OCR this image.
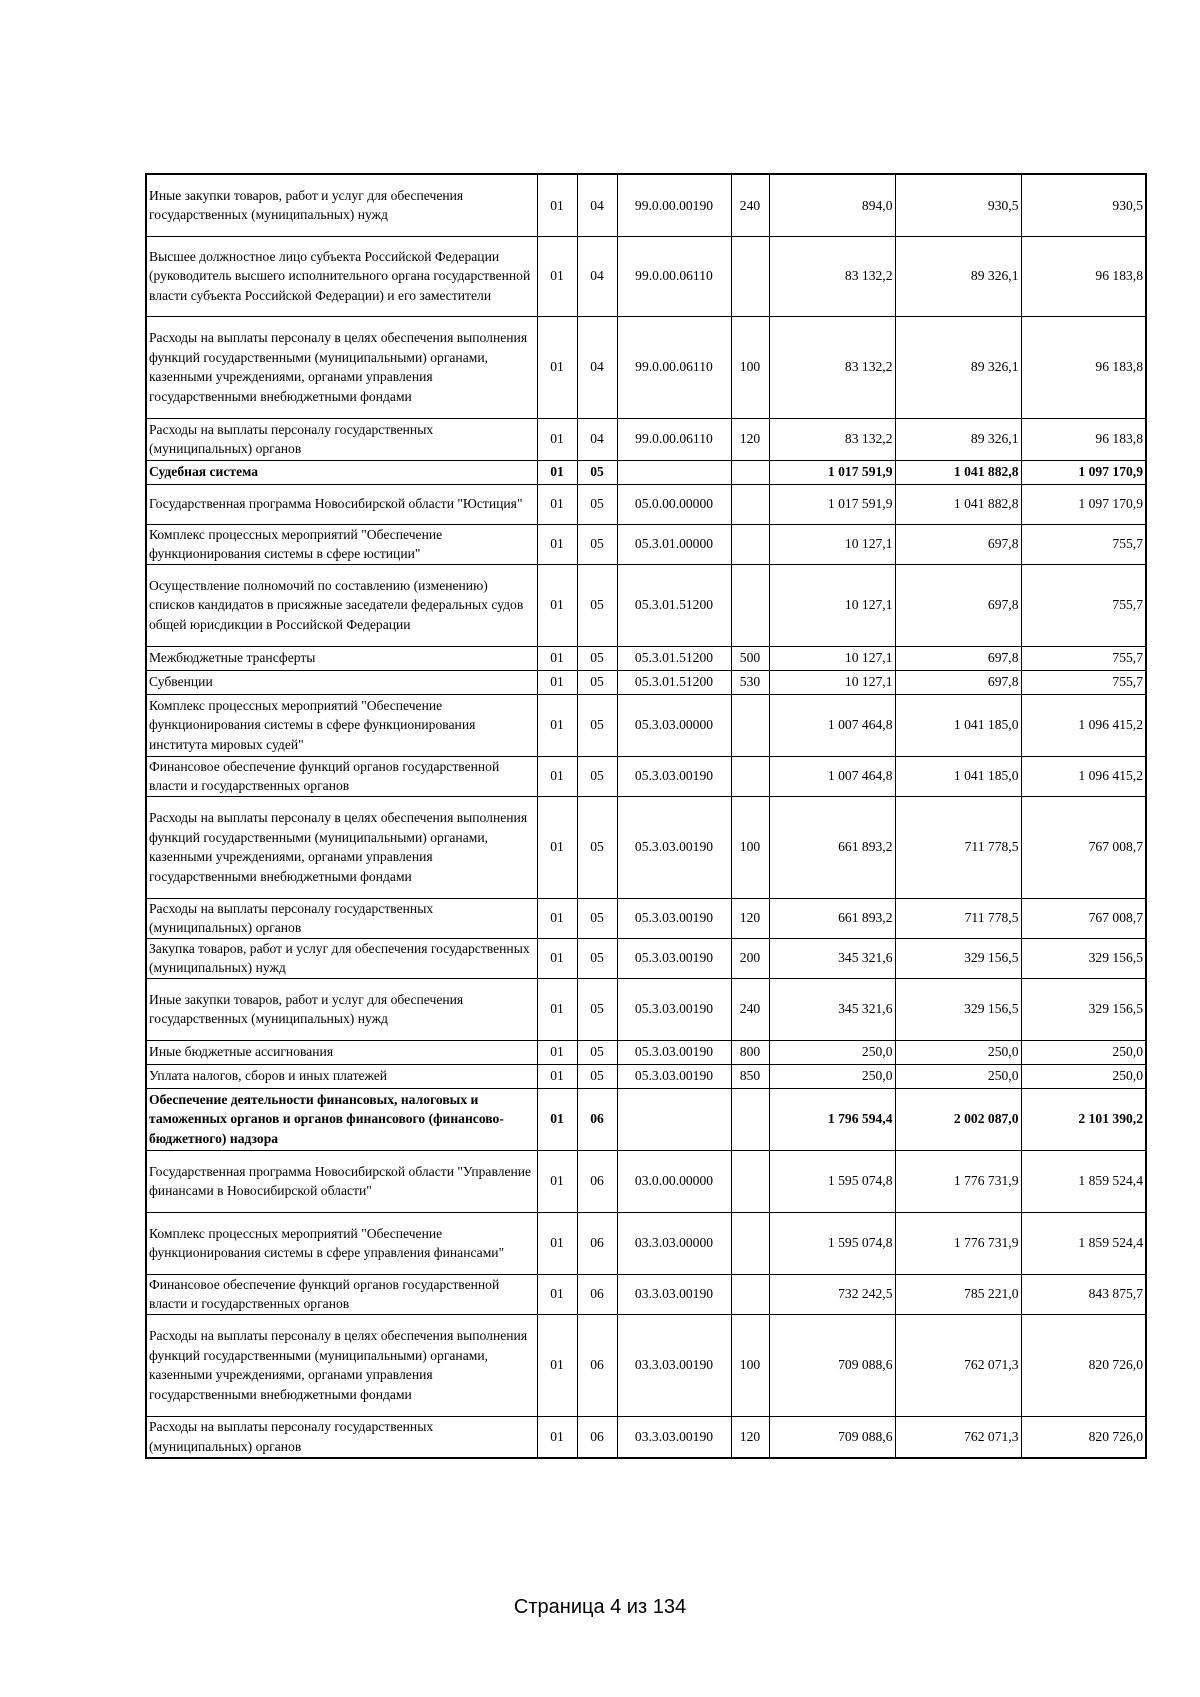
Иные закупки товаров, работ и услуг для обеспечения государственных (муниципальных) нужд	01	04	99.0.00.00190	240	894,0	930,5	930,5
Высшее должностное лицо субъекта Российской Федерации (руководитель высшего исполнительного органа государственной власти субъекта Российской Федерации) и его заместители	01	04	99.0.00.06110		83 132,2	89 326,1	96 183,8
Расходы на выплаты персоналу в целях обеспечения выполнения функций государственными (муниципальными) органами, казенными учреждениями, органами управления государственными внебюджетными фондами	01	04	99.0.00.06110	100	83 132,2	89 326,1	96 183,8
Расходы на выплаты персоналу государственных (муниципальных) органов	01	04	99.0.00.06110	120	83 132,2	89 326,1	96 183,8
Судебная система	01	05			1 017 591,9	1 041 882,8	1 097 170,9
Государственная программа Новосибирской области "Юстиция"	01	05	05.0.00.00000		1 017 591,9	1 041 882,8	1 097 170,9
Комплекс процессных мероприятий "Обеспечение функционирования системы в сфере юстиции"	01	05	05.3.01.00000		10 127,1	697,8	755,7
Осуществление полномочий по составлению (изменению) списков кандидатов в присяжные заседатели федеральных судов общей юрисдикции в Российской Федерации	01	05	05.3.01.51200		10 127,1	697,8	755,7
Межбюджетные трансферты	01	05	05.3.01.51200	500	10 127,1	697,8	755,7
Субвенции	01	05	05.3.01.51200	530	10 127,1	697,8	755,7
Комплекс процессных мероприятий "Обеспечение функционирования системы в сфере функционирования института мировых судей"	01	05	05.3.03.00000		1 007 464,8	1 041 185,0	1 096 415,2
Финансовое обеспечение функций органов государственной власти и государственных органов	01	05	05.3.03.00190		1 007 464,8	1 041 185,0	1 096 415,2
Расходы на выплаты персоналу в целях обеспечения выполнения функций государственными (муниципальными) органами, казенными учреждениями, органами управления государственными внебюджетными фондами	01	05	05.3.03.00190	100	661 893,2	711 778,5	767 008,7
Расходы на выплаты персоналу государственных (муниципальных) органов	01	05	05.3.03.00190	120	661 893,2	711 778,5	767 008,7
Закупка товаров, работ и услуг для обеспечения государственных (муниципальных) нужд	01	05	05.3.03.00190	200	345 321,6	329 156,5	329 156,5
Иные закупки товаров, работ и услуг для обеспечения государственных (муниципальных) нужд	01	05	05.3.03.00190	240	345 321,6	329 156,5	329 156,5
Иные бюджетные ассигнования	01	05	05.3.03.00190	800	250,0	250,0	250,0
Уплата налогов, сборов и иных платежей	01	05	05.3.03.00190	850	250,0	250,0	250,0
Обеспечение деятельности финансовых, налоговых и таможенных органов и органов финансового (финансово-бюджетного) надзора	01	06			1 796 594,4	2 002 087,0	2 101 390,2
Государственная программа Новосибирской области "Управление финансами в Новосибирской области"	01	06	03.0.00.00000		1 595 074,8	1 776 731,9	1 859 524,4
Комплекс процессных мероприятий "Обеспечение функционирования системы в сфере управления финансами"	01	06	03.3.03.00000		1 595 074,8	1 776 731,9	1 859 524,4
Финансовое обеспечение функций органов государственной власти и государственных органов	01	06	03.3.03.00190		732 242,5	785 221,0	843 875,7
Расходы на выплаты персоналу в целях обеспечения выполнения функций государственными (муниципальными) органами, казенными учреждениями, органами управления государственными внебюджетными фондами	01	06	03.3.03.00190	100	709 088,6	762 071,3	820 726,0
Расходы на выплаты персоналу государственных (муниципальных) органов	01	06	03.3.03.00190	120	709 088,6	762 071,3	820 726,0
Страница 4 из 134
